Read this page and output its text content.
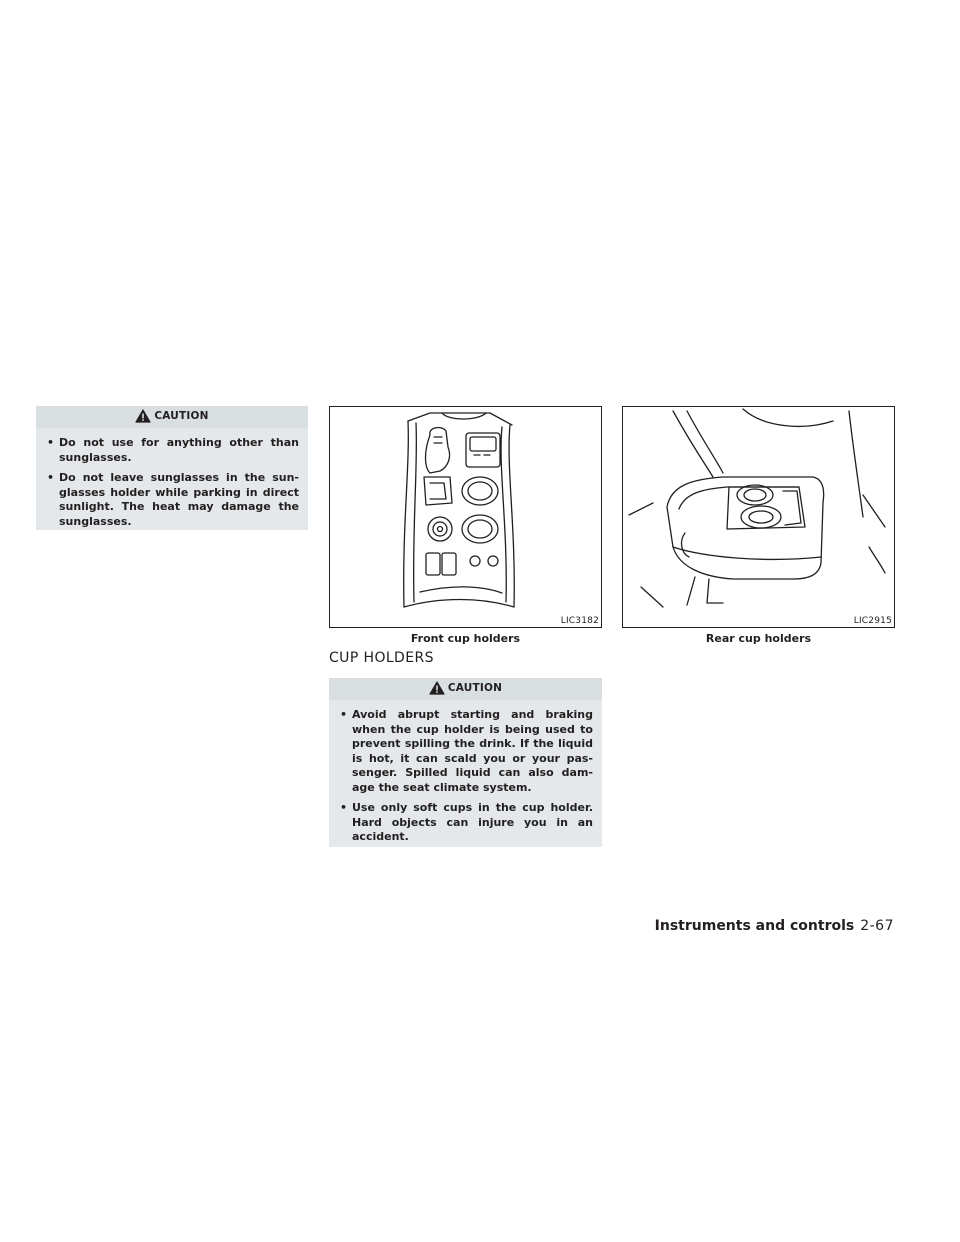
CAUTION
• Do not use for anything other than sunglasses.
• Do not leave sunglasses in the sun-glasses holder while parking in direct sunlight. The heat may damage the sunglasses.
LIC3182
Front cup holders
LIC2915
Rear cup holders
CUP HOLDERS
CAUTION
• Avoid abrupt starting and braking when the cup holder is being used to prevent spilling the drink. If the liquid is hot, it can scald you or your pas-senger. Spilled liquid can also dam-age the seat climate system.
• Use only soft cups in the cup holder. Hard objects can injure you in an accident.
Instruments and controls 2-67
